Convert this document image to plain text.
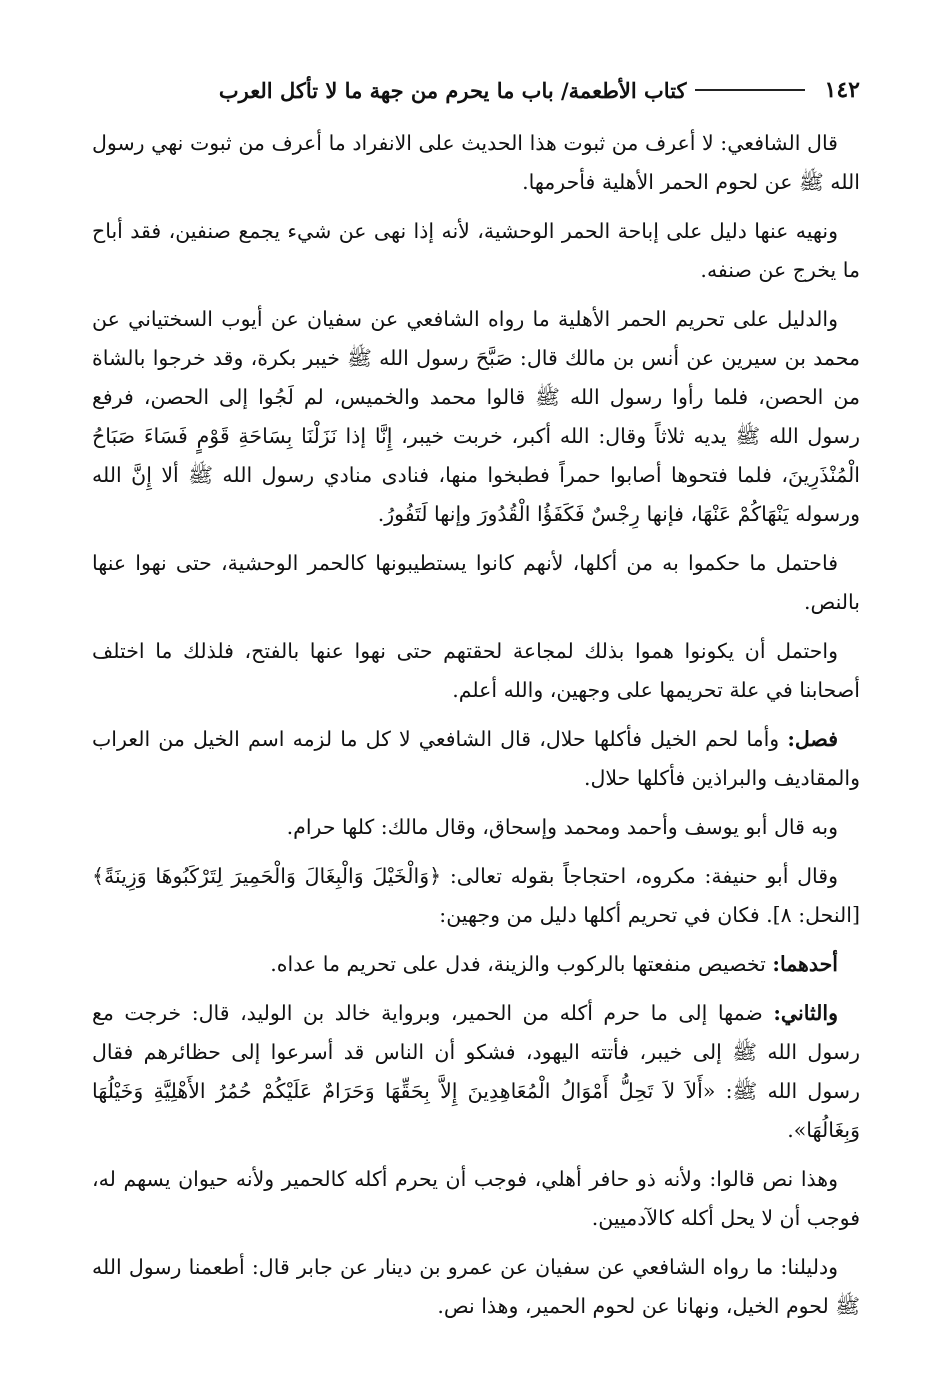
١٤٢
كتاب الأطعمة/ باب ما يحرم من جهة ما لا تأكل العرب

قال الشافعي: لا أعرف من ثبوت هذا الحديث على الانفراد ما أعرف من ثبوت نهي رسول الله ﷺ عن لحوم الحمر الأهلية فأحرمها.

ونهيه عنها دليل على إباحة الحمر الوحشية، لأنه إذا نهى عن شيء يجمع صنفين، فقد أباح ما يخرج عن صنفه.

والدليل على تحريم الحمر الأهلية ما رواه الشافعي عن سفيان عن أيوب السختياني عن محمد بن سيرين عن أنس بن مالك قال: صَبَّحَ رسول الله ﷺ خيبر بكرة، وقد خرجوا بالشاة من الحصن، فلما رأوا رسول الله ﷺ قالوا محمد والخميس، لم لَجُوا إلى الحصن، فرفع رسول الله ﷺ يديه ثلاثاً وقال: الله أكبر، خربت خيبر، إِنَّا إذا نَزَلْنَا بِسَاحَةِ قَوْمٍ فَسَاءَ صَبَاحُ الْمُنْذَرِينَ، فلما فتحوها أصابوا حمراً فطبخوا منها، فنادى منادي رسول الله ﷺ ألا إِنَّ الله ورسوله يَنْهَاكُمْ عَنْهَا، فإنها رِجْسٌ فَكَفَؤُا الْقُدُورَ وإنها لَتَفُورُ.

فاحتمل ما حكموا به من أكلها، لأنهم كانوا يستطيبونها كالحمر الوحشية، حتى نهوا عنها بالنص.

واحتمل أن يكونوا هموا بذلك لمجاعة لحقتهم حتى نهوا عنها بالفتح، فلذلك ما اختلف أصحابنا في علة تحريمها على وجهين، والله أعلم.

فصل: وأما لحم الخيل فأكلها حلال، قال الشافعي لا كل ما لزمه اسم الخيل من العراب والمقاديف والبراذين فأكلها حلال.

وبه قال أبو يوسف وأحمد ومحمد وإسحاق، وقال مالك: كلها حرام.

وقال أبو حنيفة: مكروه، احتجاجاً بقوله تعالى: ﴿وَالْخَيْلَ وَالْبِغَالَ وَالْحَمِيرَ لِتَرْكَبُوهَا وَزِينَةً﴾ [النحل: ٨]. فكان في تحريم أكلها دليل من وجهين:

أحدهما: تخصيص منفعتها بالركوب والزينة، فدل على تحريم ما عداه.

والثاني: ضمها إلى ما حرم أكله من الحمير، وبرواية خالد بن الوليد، قال: خرجت مع رسول الله ﷺ إلى خيبر، فأتته اليهود، فشكو أن الناس قد أسرعوا إلى حظائرهم فقال رسول الله ﷺ: «أَلاَ لاَ تَحِلُّ أَمْوَالُ الْمُعَاهِدِينَ إِلاَّ بِحَقِّهَا وَحَرَامٌ عَلَيْكُمْ حُمُرُ الأَهْلِيَّةِ وَخَيْلُهَا وَبِغَالُهَا».

وهذا نص قالوا: ولأنه ذو حافر أهلي، فوجب أن يحرم أكله كالحمير ولأنه حيوان يسهم له، فوجب أن لا يحل أكله كالآدميين.

ودليلنا: ما رواه الشافعي عن سفيان عن عمرو بن دينار عن جابر قال: أطعمنا رسول الله ﷺ لحوم الخيل، ونهانا عن لحوم الحمير، وهذا نص.
